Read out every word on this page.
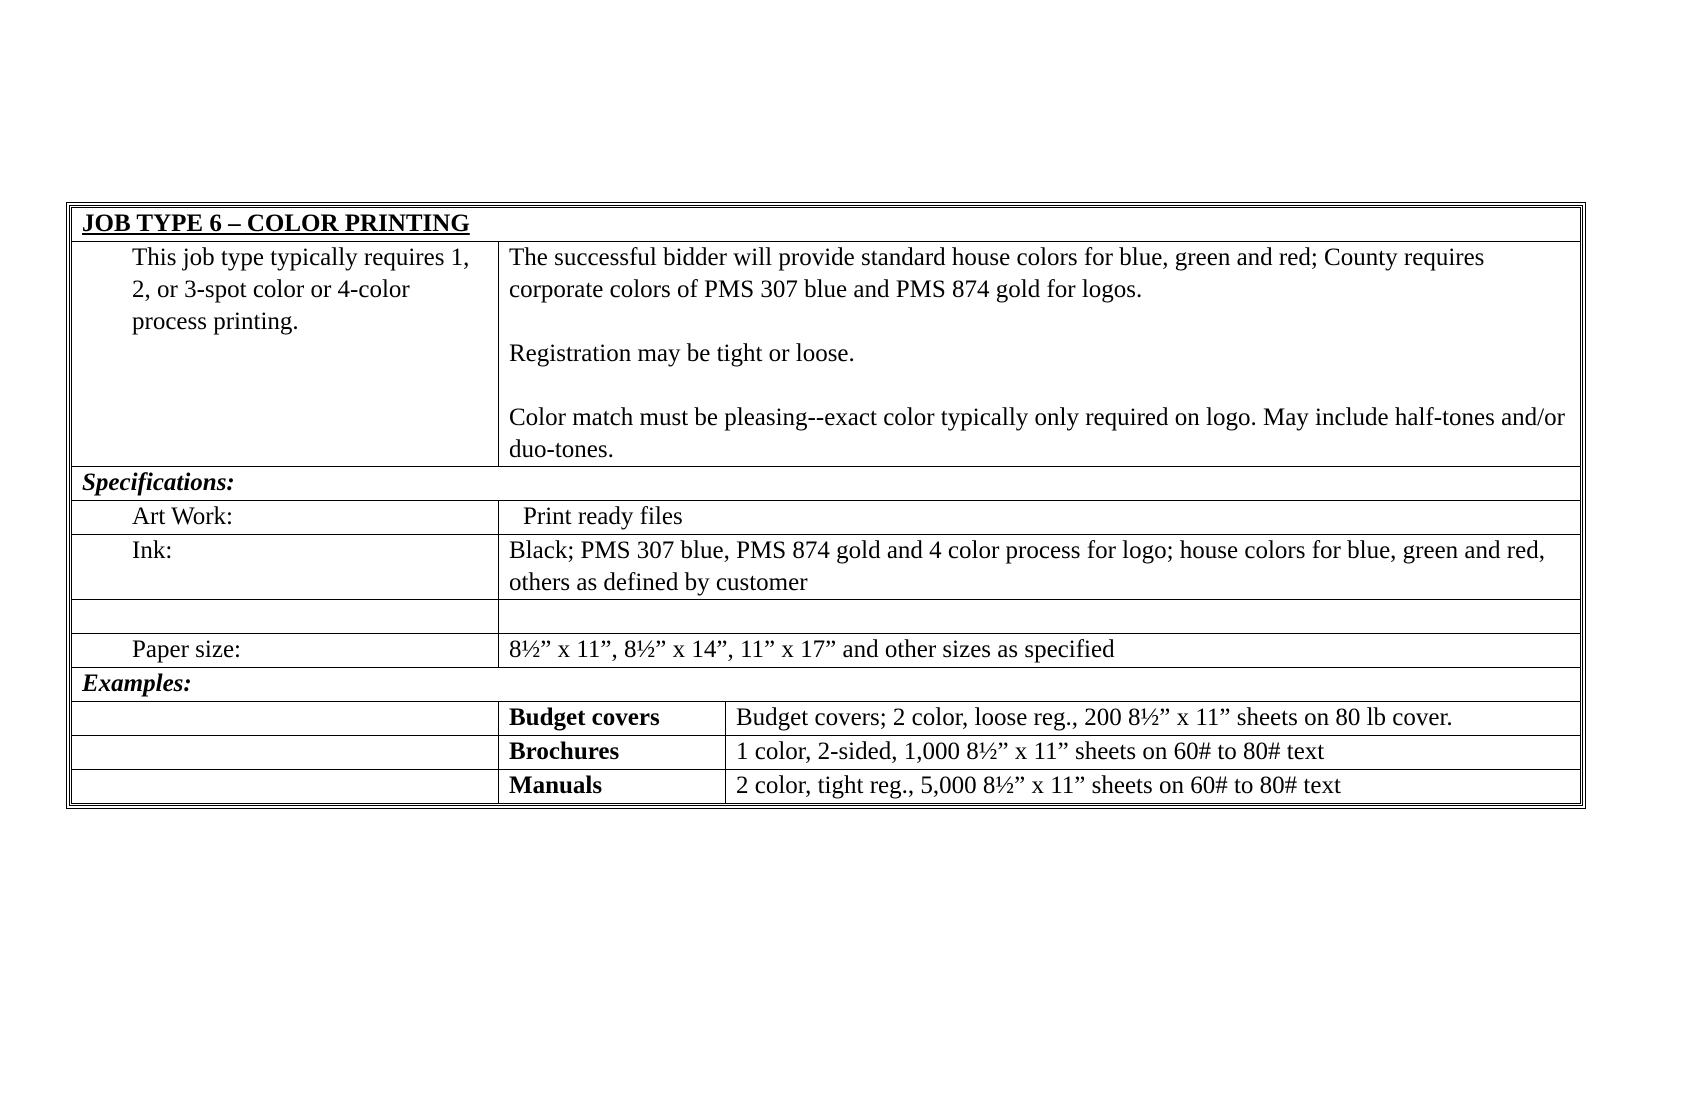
JOB TYPE 6 – COLOR PRINTING		
This job type typically requires 1, 2, or 3-spot color or 4-color process printing.	The successful bidder will provide standard house colors for blue, green and red; County requires corporate colors of PMS 307 blue and PMS 874 gold for logos.

Registration may be tight or loose.

Color match must be pleasing--exact color typically only required on logo. May include half-tones and/or duo-tones.	

Specifications:		
Art Work:	Print ready files	
Ink:	Black; PMS 307 blue, PMS 874 gold and 4 color process for logo; house colors for blue, green and red, others as defined by customer	

Paper size:	8½” x 11”, 8½” x 14”, 11” x 17” and other sizes as specified	
Examples:		
	Budget covers	Budget covers; 2 color, loose reg., 200 8½” x 11” sheets on 80 lb cover.
	Brochures	1 color, 2-sided, 1,000 8½” x 11” sheets on 60# to 80# text
	Manuals	2 color, tight reg., 5,000 8½” x 11” sheets on 60# to 80# text
